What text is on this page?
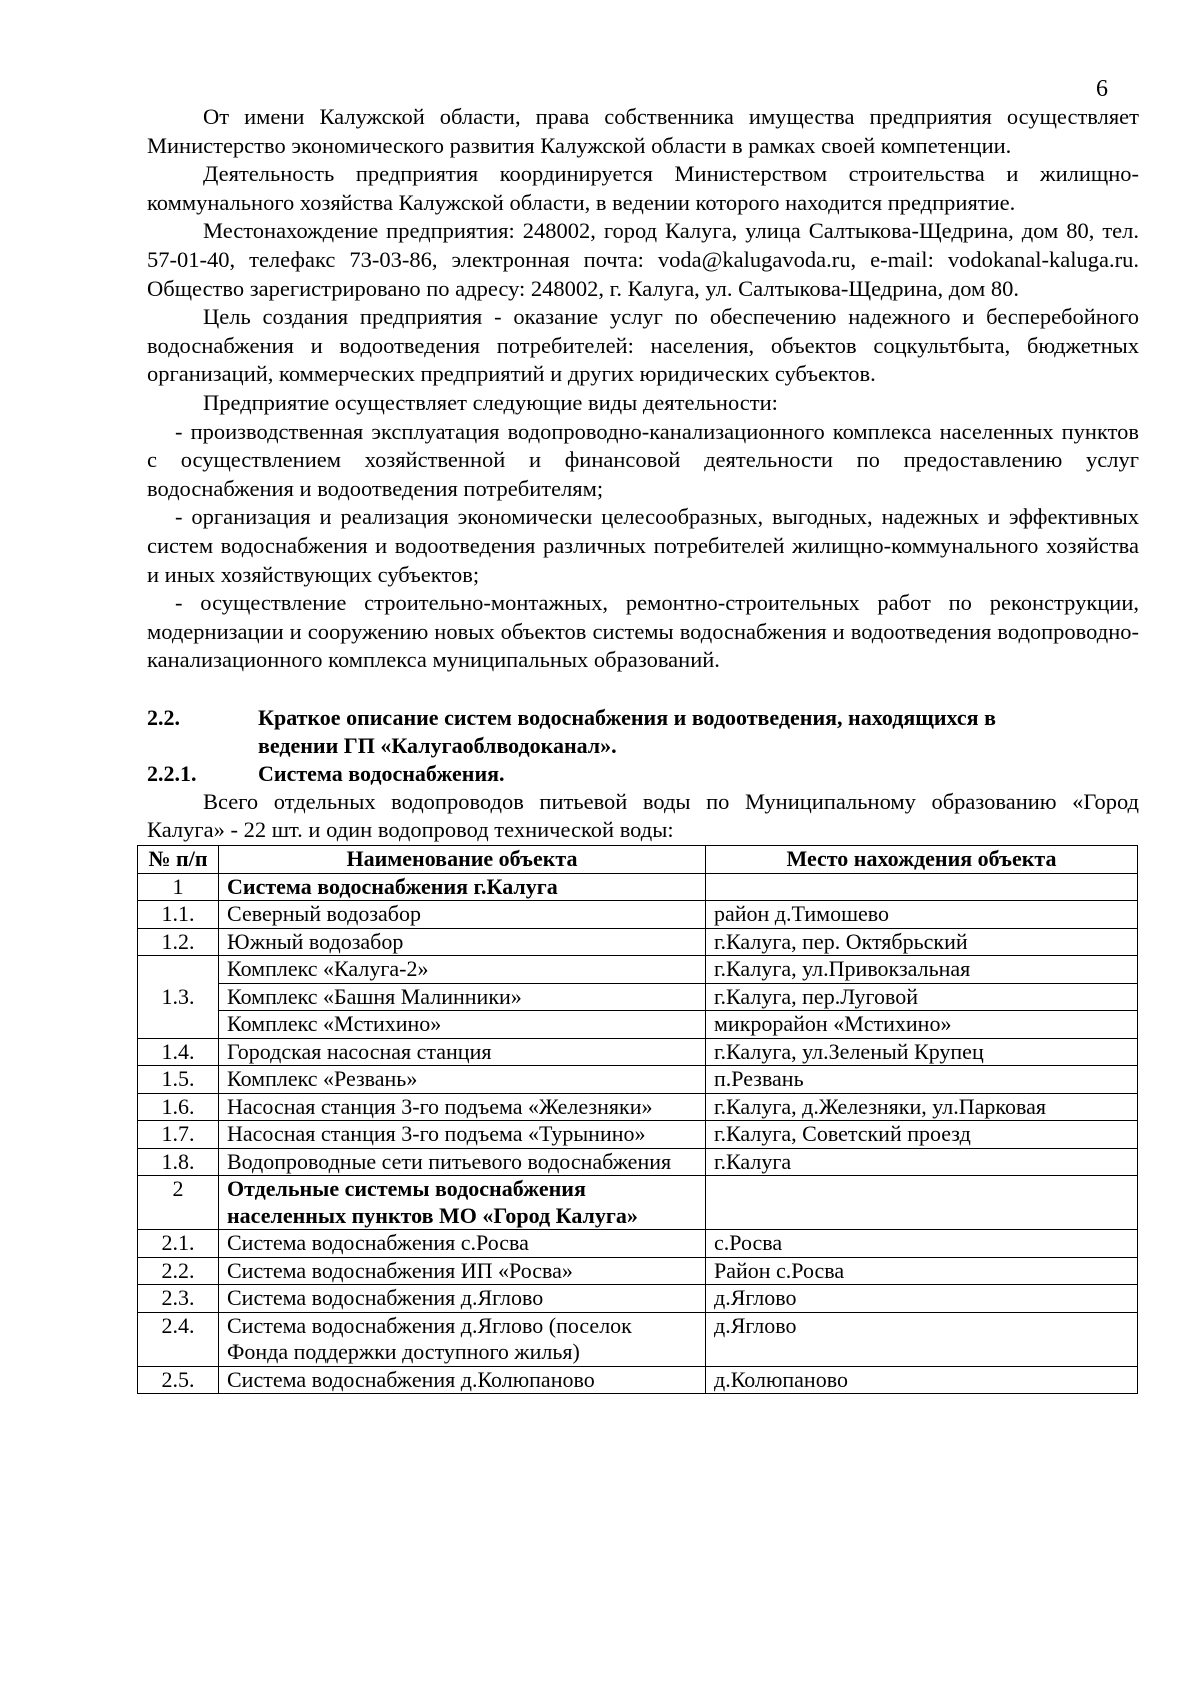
6

От имени Калужской области, права собственника имущества предприятия осуществляет Министерство экономического развития Калужской области в рамках своей компетенции.

Деятельность предприятия координируется Министерством строительства и жилищно-коммунального хозяйства Калужской области, в ведении которого находится предприятие.

Местонахождение предприятия: 248002, город Калуга, улица Салтыкова-Щедрина, дом 80, тел. 57-01-40, телефакс 73-03-86, электронная почта: voda@kalugavoda.ru, e-mail: vodokanal-kaluga.ru. Общество зарегистрировано по адресу: 248002, г. Калуга, ул. Салтыкова-Щедрина, дом 80.

Цель создания предприятия - оказание услуг по обеспечению надежного и бесперебойного водоснабжения и водоотведения потребителей: населения, объектов соцкультбыта, бюджетных организаций, коммерческих предприятий и других юридических субъектов.

Предприятие осуществляет следующие виды деятельности:

- производственная эксплуатация водопроводно-канализационного комплекса населенных пунктов с осуществлением хозяйственной и финансовой деятельности по предоставлению услуг водоснабжения и водоотведения потребителям;

- организация и реализация экономически целесообразных, выгодных, надежных и эффективных систем водоснабжения и водоотведения различных потребителей жилищно-коммунального хозяйства и иных хозяйствующих субъектов;

- осуществление строительно-монтажных, ремонтно-строительных работ по реконструкции, модернизации и сооружению новых объектов системы водоснабжения и водоотведения водопроводно-канализационного комплекса муниципальных образований.

2.2.	Краткое описание систем водоснабжения и водоотведения, находящихся в
ведении ГП «Калугаоблводоканал».
2.2.1.	Система водоснабжения.

Всего отдельных водопроводов питьевой воды по Муниципальному образованию «Город Калуга» - 22 шт. и один водопровод технической воды:

№ п/п	Наименование объекта	Место нахождения объекта
1	Система водоснабжения г.Калуга	
1.1.	Северный водозабор	район д.Тимошево
1.2.	Южный водозабор	г.Калуга, пер. Октябрьский
1.3.	Комплекс «Калуга-2»	г.Калуга, ул.Привокзальная
	Комплекс «Башня Малинники»	г.Калуга, пер.Луговой
	Комплекс «Мстихино»	микрорайон «Мстихино»
1.4.	Городская насосная станция	г.Калуга, ул.Зеленый Крупец
1.5.	Комплекс «Резвань»	п.Резвань
1.6.	Насосная станция 3-го подъема «Железняки»	г.Калуга, д.Железняки, ул.Парковая
1.7.	Насосная станция 3-го подъема «Турынино»	г.Калуга, Советский проезд
1.8.	Водопроводные сети питьевого водоснабжения	г.Калуга
2	Отдельные системы водоснабжения населенных пунктов МО «Город Калуга»	
2.1.	Система водоснабжения с.Росва	с.Росва
2.2.	Система водоснабжения ИП «Росва»	Район с.Росва
2.3.	Система водоснабжения д.Яглово	д.Яглово
2.4.	Система водоснабжения д.Яглово (поселок Фонда поддержки доступного жилья)	д.Яглово
2.5.	Система водоснабжения д.Колюпаново	д.Колюпаново
